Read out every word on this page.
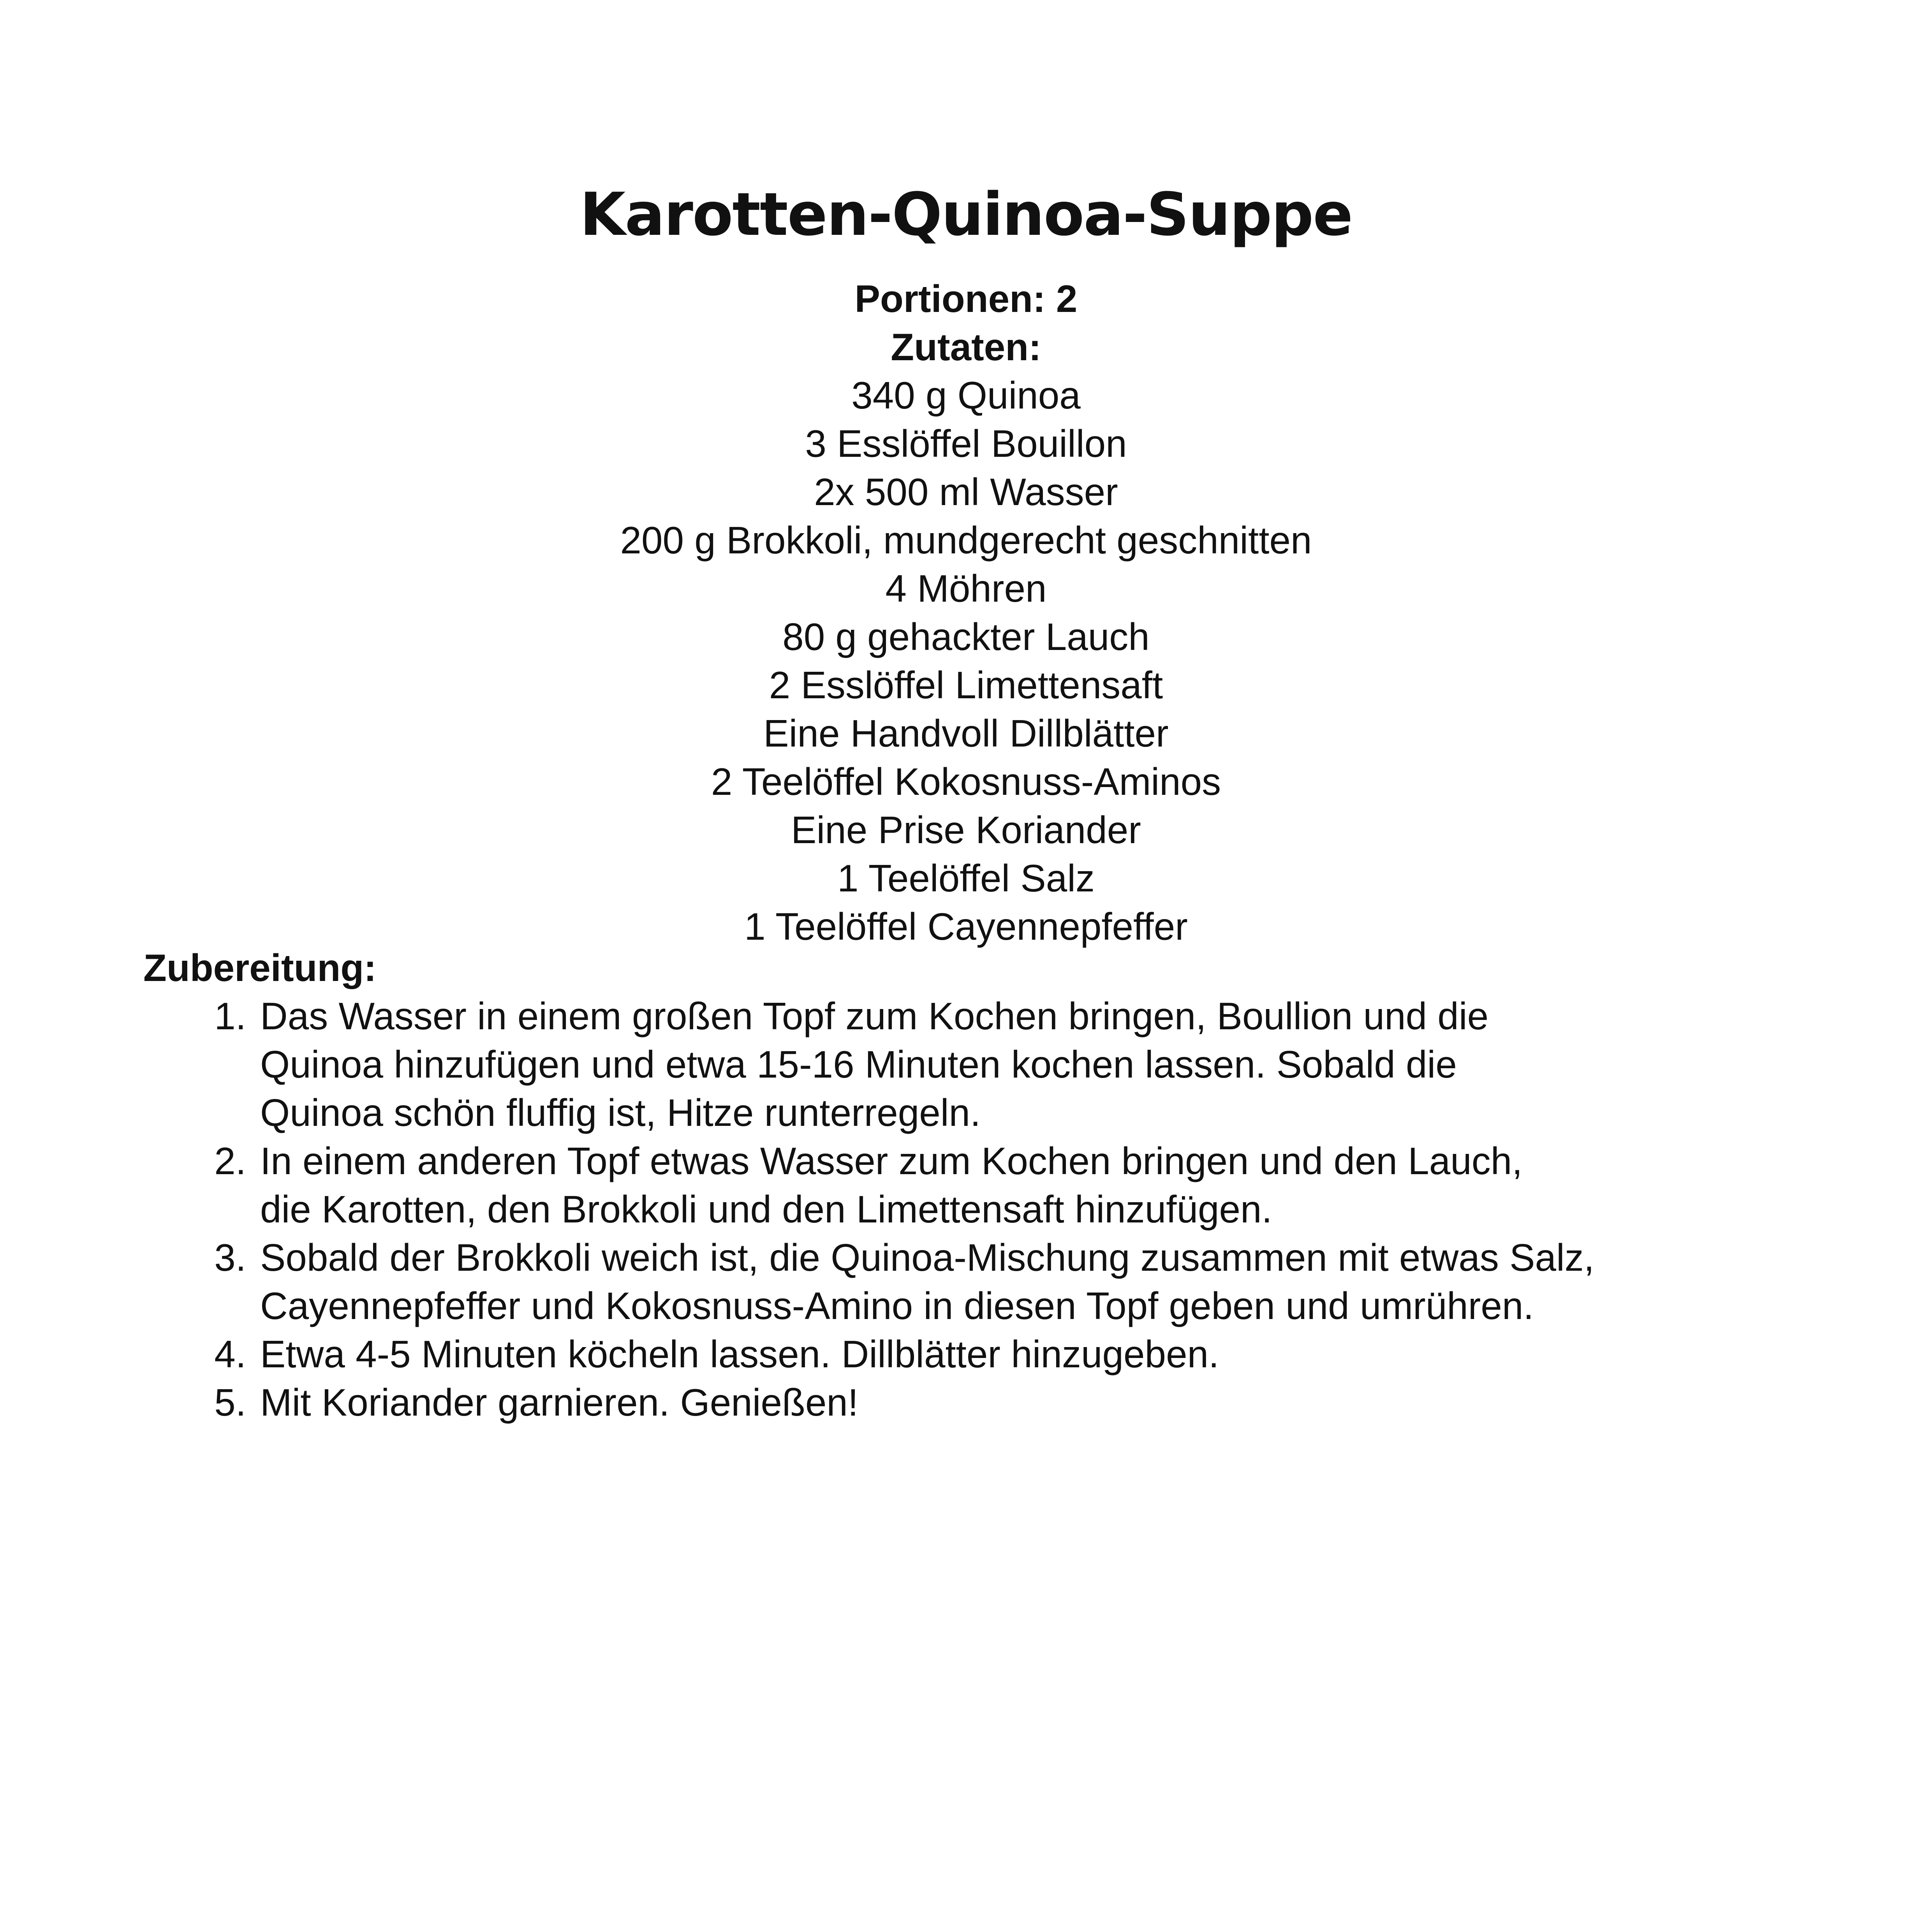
Karotten-Quinoa-Suppe
Portionen: 2
Zutaten:
340 g Quinoa
3 Esslöffel Bouillon
2x 500 ml Wasser
200 g Brokkoli, mundgerecht geschnitten
4 Möhren
80 g gehackter Lauch
2 Esslöffel Limettensaft
Eine Handvoll Dillblätter
2 Teelöffel Kokosnuss-Aminos
Eine Prise Koriander
1 Teelöffel Salz
1 Teelöffel Cayennepfeffer
Zubereitung:
1. Das Wasser in einem großen Topf zum Kochen bringen, Boullion und die
Quinoa hinzufügen und etwa 15-16 Minuten kochen lassen. Sobald die
Quinoa schön fluffig ist, Hitze runterregeln.
2. In einem anderen Topf etwas Wasser zum Kochen bringen und den Lauch,
die Karotten, den Brokkoli und den Limettensaft hinzufügen.
3. Sobald der Brokkoli weich ist, die Quinoa-Mischung zusammen mit etwas Salz,
Cayennepfeffer und Kokosnuss-Amino in diesen Topf geben und umrühren.
4. Etwa 4-5 Minuten köcheln lassen. Dillblätter hinzugeben.
5. Mit Koriander garnieren. Genießen!
